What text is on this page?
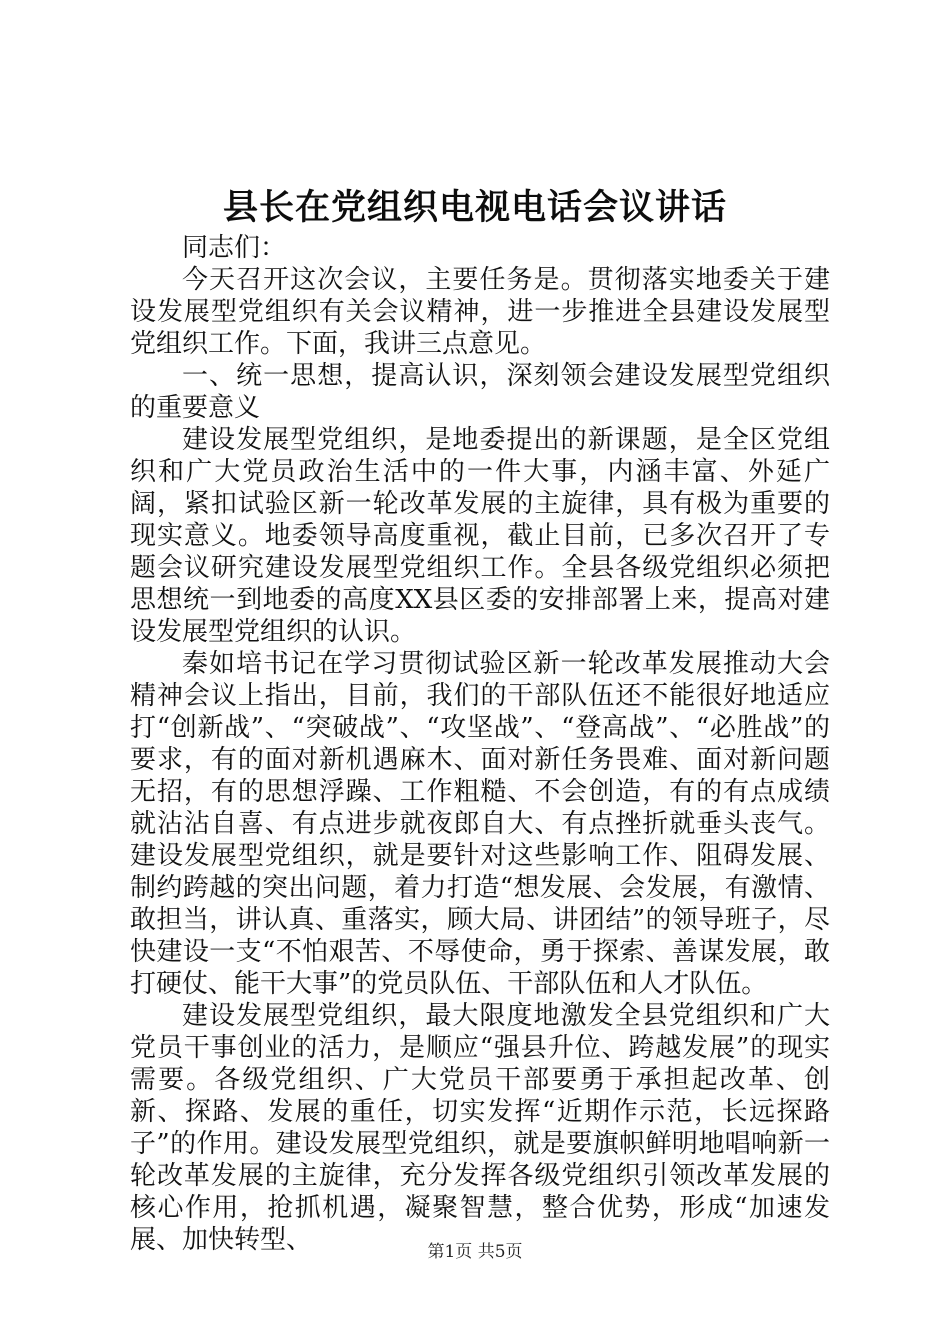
县长在党组织电视电话会议讲话

同志们：

今天召开这次会议，主要任务是。贯彻落实地委关于建设发展型党组织有关会议精神，进一步推进全县建设发展型党组织工作。下面，我讲三点意见。

一、统一思想，提高认识，深刻领会建设发展型党组织的重要意义

建设发展型党组织，是地委提出的新课题，是全区党组织和广大党员政治生活中的一件大事，内涵丰富、外延广阔，紧扣试验区新一轮改革发展的主旋律，具有极为重要的现实意义。地委领导高度重视，截止目前，已多次召开了专题会议研究建设发展型党组织工作。全县各级党组织必须把思想统一到地委的高度XX县区委的安排部署上来，提高对建设发展型党组织的认识。

秦如培书记在学习贯彻试验区新一轮改革发展推动大会精神会议上指出，目前，我们的干部队伍还不能很好地适应打“创新战”、“突破战”、“攻坚战”、“登高战”、“必胜战”的要求，有的面对新机遇麻木、面对新任务畏难、面对新问题无招，有的思想浮躁、工作粗糙、不会创造，有的有点成绩就沾沾自喜、有点进步就夜郎自大、有点挫折就垂头丧气。建设发展型党组织，就是要针对这些影响工作、阻碍发展、制约跨越的突出问题，着力打造“想发展、会发展，有激情、敢担当，讲认真、重落实，顾大局、讲团结”的领导班子，尽快建设一支“不怕艰苦、不辱使命，勇于探索、善谋发展，敢打硬仗、能干大事”的党员队伍、干部队伍和人才队伍。

建设发展型党组织，最大限度地激发全县党组织和广大党员干事创业的活力，是顺应“强县升位、跨越发展”的现实需要。各级党组织、广大党员干部要勇于承担起改革、创新、探路、发展的重任，切实发挥“近期作示范，长远探路子”的作用。建设发展型党组织，就是要旗帜鲜明地唱响新一轮改革发展的主旋律，充分发挥各级党组织引领改革发展的核心作用，抢抓机遇，凝聚智慧，整合优势，形成“加速发展、加快转型、	第1页 共5页
